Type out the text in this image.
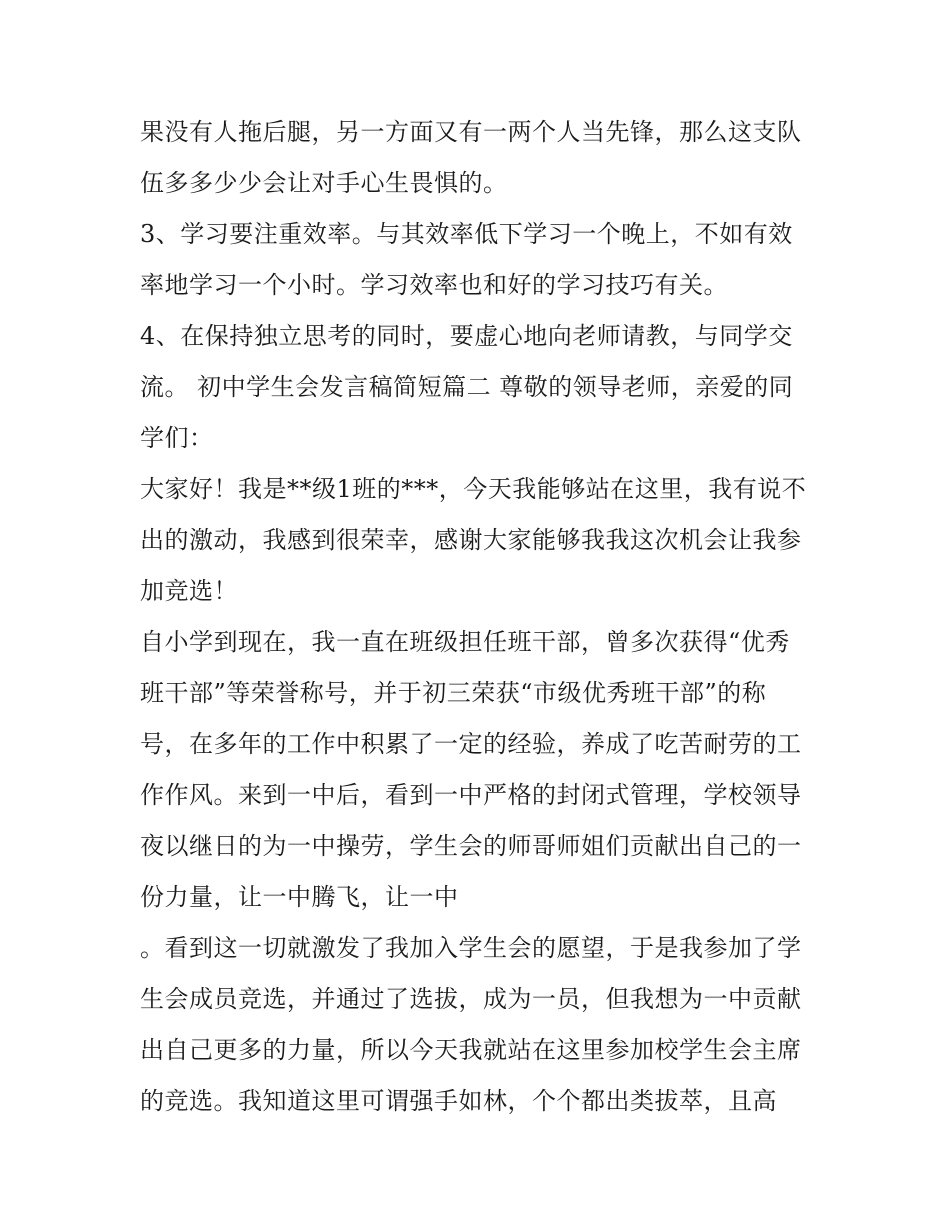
果没有人拖后腿，另一方面又有一两个人当先锋，那么这支队
伍多多少少会让对手心生畏惧的。
3、学习要注重效率。与其效率低下学习一个晚上，不如有效
率地学习一个小时。学习效率也和好的学习技巧有关。
4、在保持独立思考的同时，要虚心地向老师请教，与同学交
流。 初中学生会发言稿简短篇二 尊敬的领导老师，亲爱的同
学们：
大家好！我是**级1班的***，今天我能够站在这里，我有说不
出的激动，我感到很荣幸，感谢大家能够我我这次机会让我参
加竞选！
自小学到现在，我一直在班级担任班干部，曾多次获得“优秀
班干部”等荣誉称号，并于初三荣获“市级优秀班干部”的称
号，在多年的工作中积累了一定的经验，养成了吃苦耐劳的工
作作风。来到一中后，看到一中严格的封闭式管理，学校领导
夜以继日的为一中操劳，学生会的师哥师姐们贡献出自己的一
份力量，让一中腾飞，让一中
。看到这一切就激发了我加入学生会的愿望，于是我参加了学
生会成员竞选，并通过了选拔，成为一员，但我想为一中贡献
出自己更多的力量，所以今天我就站在这里参加校学生会主席
的竞选。我知道这里可谓强手如林，个个都出类拔萃，且高
